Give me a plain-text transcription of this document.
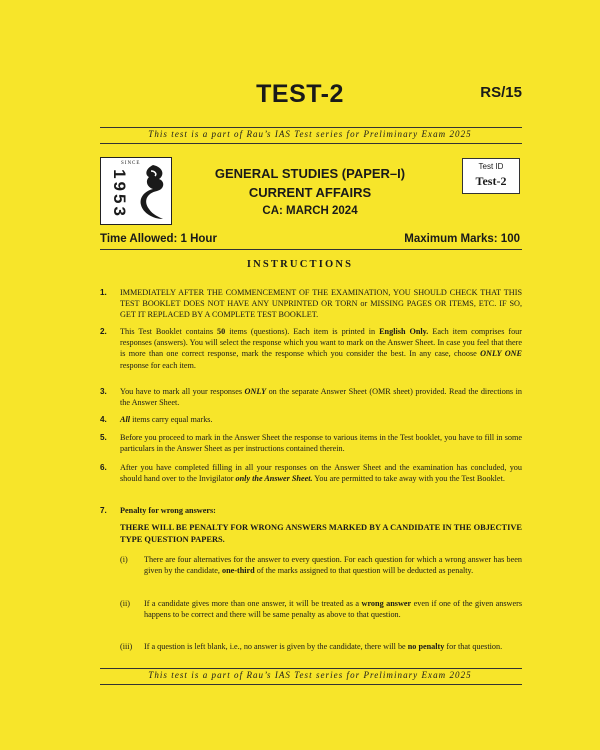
TEST-2	RS/15
This test is a part of Rau’s IAS Test series for Preliminary Exam 2025
SINCE
1953	GENERAL STUDIES (PAPER–I)
CURRENT AFFAIRS
CA: MARCH 2024
Test ID
Test-2
Time Allowed: 1 Hour	Maximum Marks: 100
INSTRUCTIONS
1. IMMEDIATELY AFTER THE COMMENCEMENT OF THE EXAMINATION, YOU SHOULD CHECK THAT THIS TEST BOOKLET DOES NOT HAVE ANY UNPRINTED OR TORN or MISSING PAGES OR ITEMS, ETC. IF SO, GET IT REPLACED BY A COMPLETE TEST BOOKLET.
2. This Test Booklet contains 50 items (questions). Each item is printed in English Only. Each item comprises four responses (answers). You will select the response which you want to mark on the Answer Sheet. In case you feel that there is more than one correct response, mark the response which you consider the best. In any case, choose ONLY ONE response for each item.
3. You have to mark all your responses ONLY on the separate Answer Sheet (OMR sheet) provided. Read the directions in the Answer Sheet.
4. All items carry equal marks.
5. Before you proceed to mark in the Answer Sheet the response to various items in the Test booklet, you have to fill in some particulars in the Answer Sheet as per instructions contained therein.
6. After you have completed filling in all your responses on the Answer Sheet and the examination has concluded, you should hand over to the Invigilator only the Answer Sheet. You are permitted to take away with you the Test Booklet.
7. Penalty for wrong answers:
THERE WILL BE PENALTY FOR WRONG ANSWERS MARKED BY A CANDIDATE IN THE OBJECTIVE TYPE QUESTION PAPERS.
(i) There are four alternatives for the answer to every question. For each question for which a wrong answer has been given by the candidate, one-third of the marks assigned to that question will be deducted as penalty.
(ii) If a candidate gives more than one answer, it will be treated as a wrong answer even if one of the given answers happens to be correct and there will be same penalty as above to that question.
(iii) If a question is left blank, i.e., no answer is given by the candidate, there will be no penalty for that question.
This test is a part of Rau’s IAS Test series for Preliminary Exam 2025
